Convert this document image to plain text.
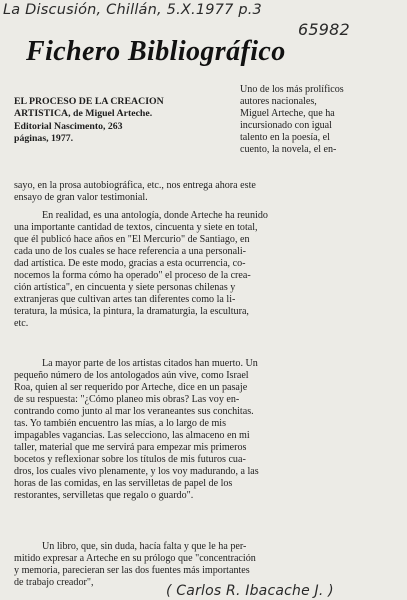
La Discusión, Chillán, 5.X.1977 p.3
65982
Fichero Bibliográfico
EL PROCESO DE LA CREACION
ARTISTICA, de Miguel Arteche.
Editorial Nascimento, 263
páginas, 1977.
Uno de los más prolíficos
autores nacionales,
Miguel Arteche, que ha
incursionado con igual
talento en la poesía, el
cuento, la novela, el en-
sayo, en la prosa autobiográfica, etc., nos entrega ahora este
ensayo de gran valor testimonial.
En realidad, es una antología, donde Arteche ha reunido
una importante cantidad de textos, cincuenta y siete en total,
que él publicó hace años en "El Mercurio" de Santiago, en
cada uno de los cuales se hace referencia a una personali-
dad artística. De este modo, gracias a esta ocurrencia, co-
nocemos la forma cómo ha operado" el proceso de la crea-
ción artística", en cincuenta y siete personas chilenas y
extranjeras que cultivan artes tan diferentes como la li-
teratura, la música, la pintura, la dramaturgia, la escultura,
etc.
La mayor parte de los artistas citados han muerto. Un
pequeño número de los antologados aún vive, como Israel
Roa, quien al ser requerido por Arteche, dice en un pasaje
de su respuesta: "¿Cómo planeo mis obras? Las voy en-
contrando como junto al mar los veraneantes sus conchitas.
tas. Yo también encuentro las mías, a lo largo de mis
impagables vagancias. Las selecciono, las almaceno en mi
taller, material que me servirá para empezar mis primeros
bocetos y reflexionar sobre los títulos de mis futuros cua-
dros, los cuales vivo plenamente, y los voy madurando, a las
horas de las comidas, en las servilletas de papel de los
restorantes, servilletas que regalo o guardo".
Un libro, que, sin duda, hacía falta y que le ha per-
mitido expresar a Arteche en su prólogo que "concentración
y memoria, parecieran ser las dos fuentes más importantes
de trabajo creador",
( Carlos R. Ibacache J. )
